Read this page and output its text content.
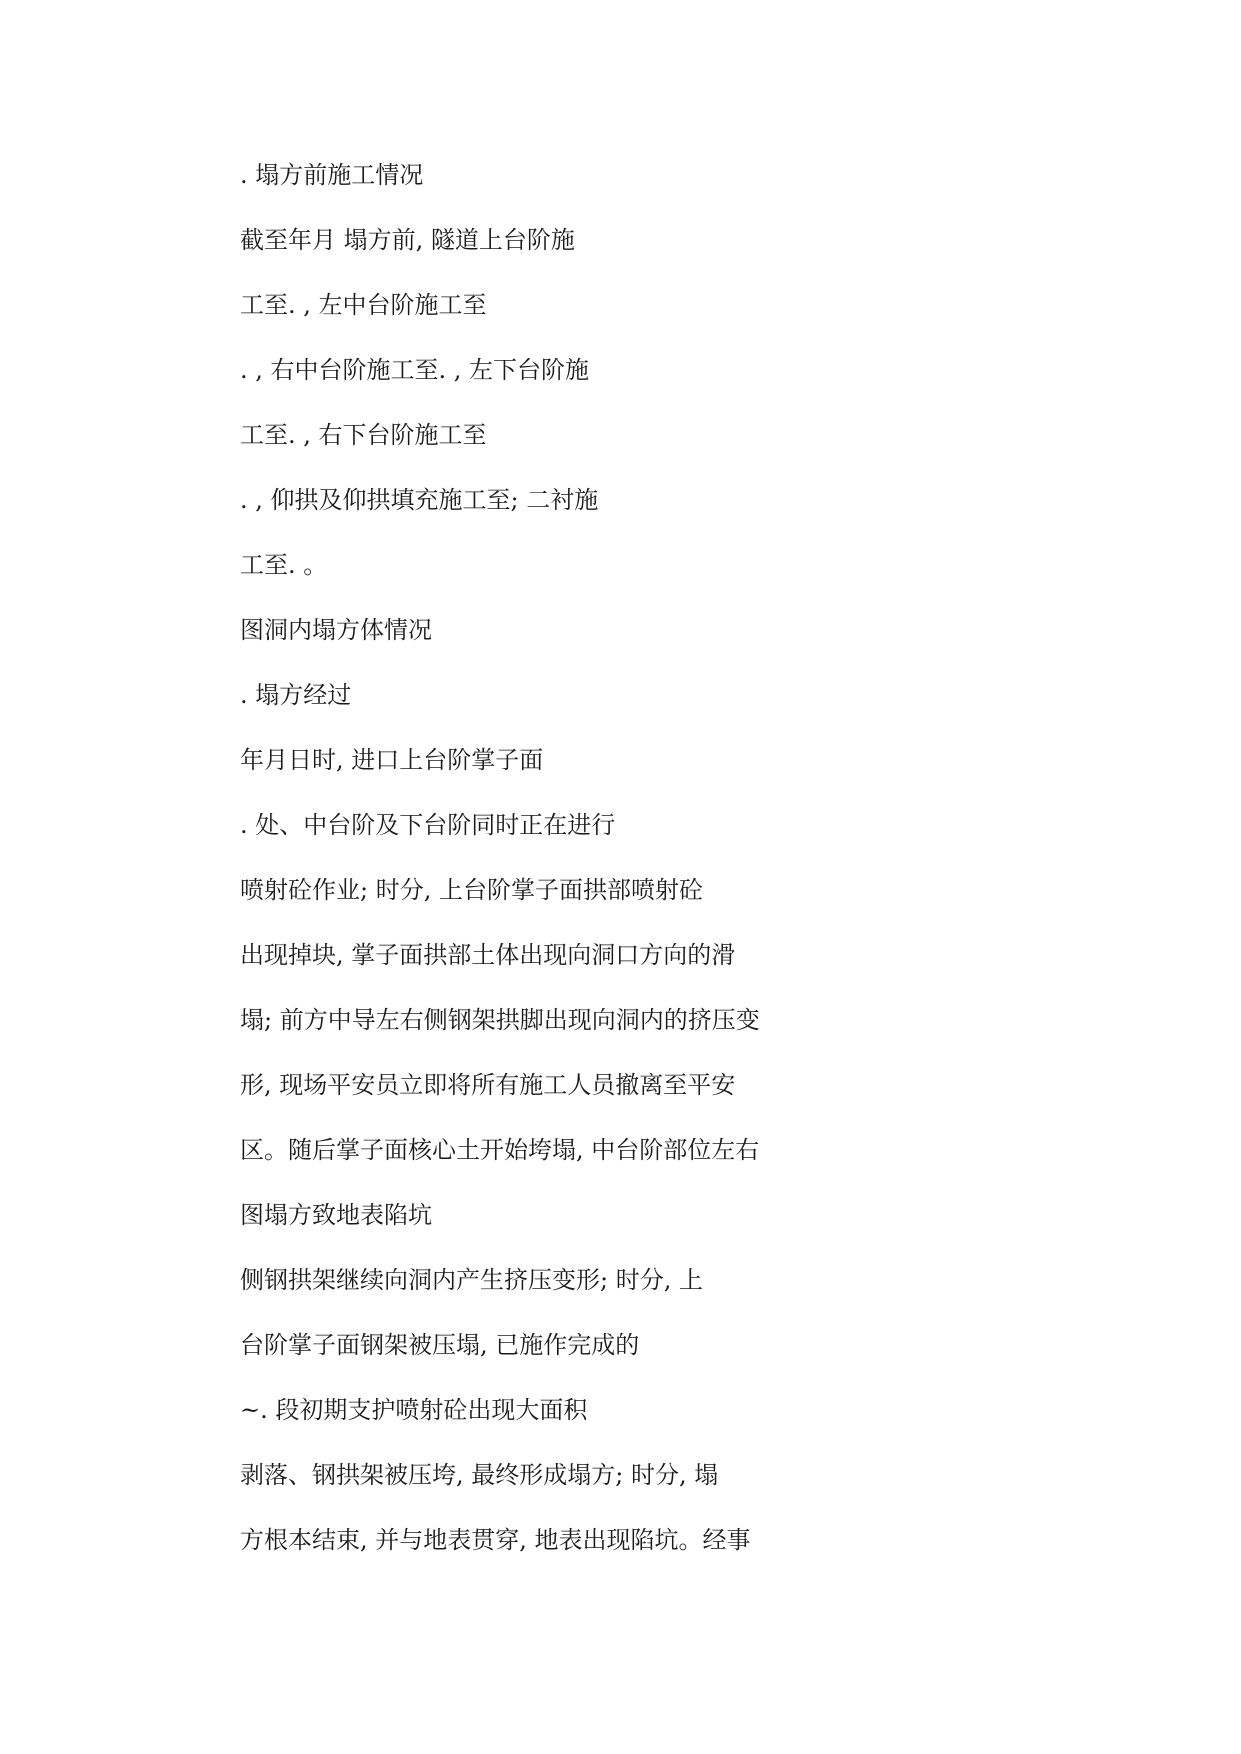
. 塌方前施工情况
截至年月 塌方前, 隧道上台阶施
工至. , 左中台阶施工至
. , 右中台阶施工至. , 左下台阶施
工至. , 右下台阶施工至
. , 仰拱及仰拱填充施工至; 二衬施
工至. 。
图洞内塌方体情况
. 塌方经过
年月日时, 进口上台阶掌子面
. 处、中台阶及下台阶同时正在进行
喷射砼作业; 时分, 上台阶掌子面拱部喷射砼
出现掉块, 掌子面拱部土体出现向洞口方向的滑
塌; 前方中导左右侧钢架拱脚出现向洞内的挤压变
形, 现场平安员立即将所有施工人员撤离至平安
区。随后掌子面核心土开始垮塌, 中台阶部位左右
图塌方致地表陷坑
侧钢拱架继续向洞内产生挤压变形; 时分, 上
台阶掌子面钢架被压塌, 已施作完成的
~. 段初期支护喷射砼出现大面积
剥落、钢拱架被压垮, 最终形成塌方; 时分, 塌
方根本结束, 并与地表贯穿, 地表出现陷坑。经事
